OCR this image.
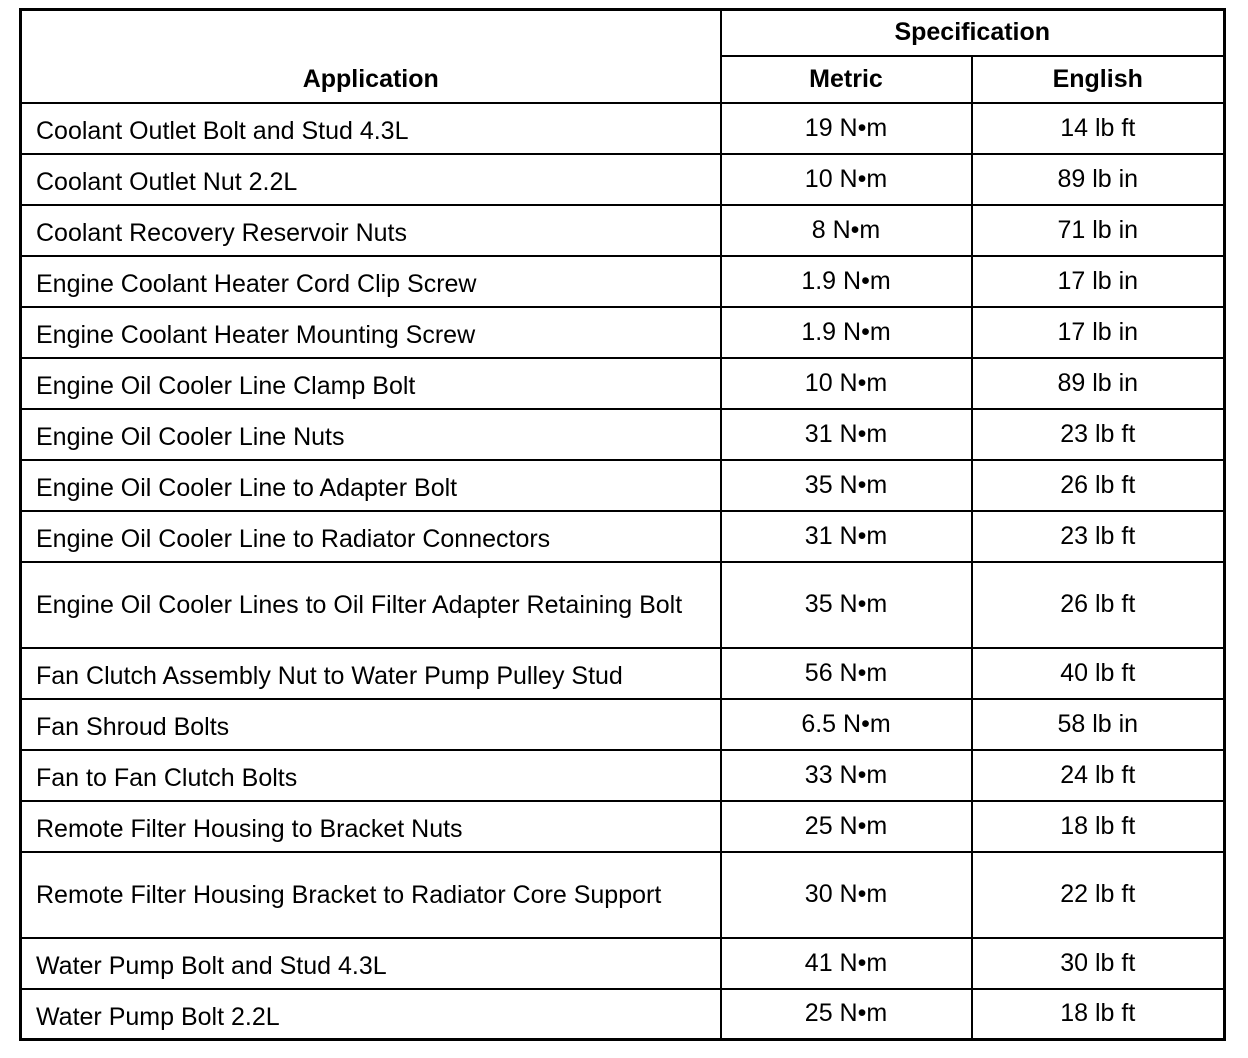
Application	Specification	
	Metric	English
Coolant Outlet Bolt and Stud 4.3L	19 N•m	14 lb ft
Coolant Outlet Nut 2.2L	10 N•m	89 lb in
Coolant Recovery Reservoir Nuts	8 N•m	71 lb in
Engine Coolant Heater Cord Clip Screw	1.9 N•m	17 lb in
Engine Coolant Heater Mounting Screw	1.9 N•m	17 lb in
Engine Oil Cooler Line Clamp Bolt	10 N•m	89 lb in
Engine Oil Cooler Line Nuts	31 N•m	23 lb ft
Engine Oil Cooler Line to Adapter Bolt	35 N•m	26 lb ft
Engine Oil Cooler Line to Radiator Connectors	31 N•m	23 lb ft
Engine Oil Cooler Lines to Oil Filter Adapter Retaining Bolt	35 N•m	26 lb ft
Fan Clutch Assembly Nut to Water Pump Pulley Stud	56 N•m	40 lb ft
Fan Shroud Bolts	6.5 N•m	58 lb in
Fan to Fan Clutch Bolts	33 N•m	24 lb ft
Remote Filter Housing to Bracket Nuts	25 N•m	18 lb ft
Remote Filter Housing Bracket to Radiator Core Support	30 N•m	22 lb ft
Water Pump Bolt and Stud 4.3L	41 N•m	30 lb ft
Water Pump Bolt 2.2L	25 N•m	18 lb ft
